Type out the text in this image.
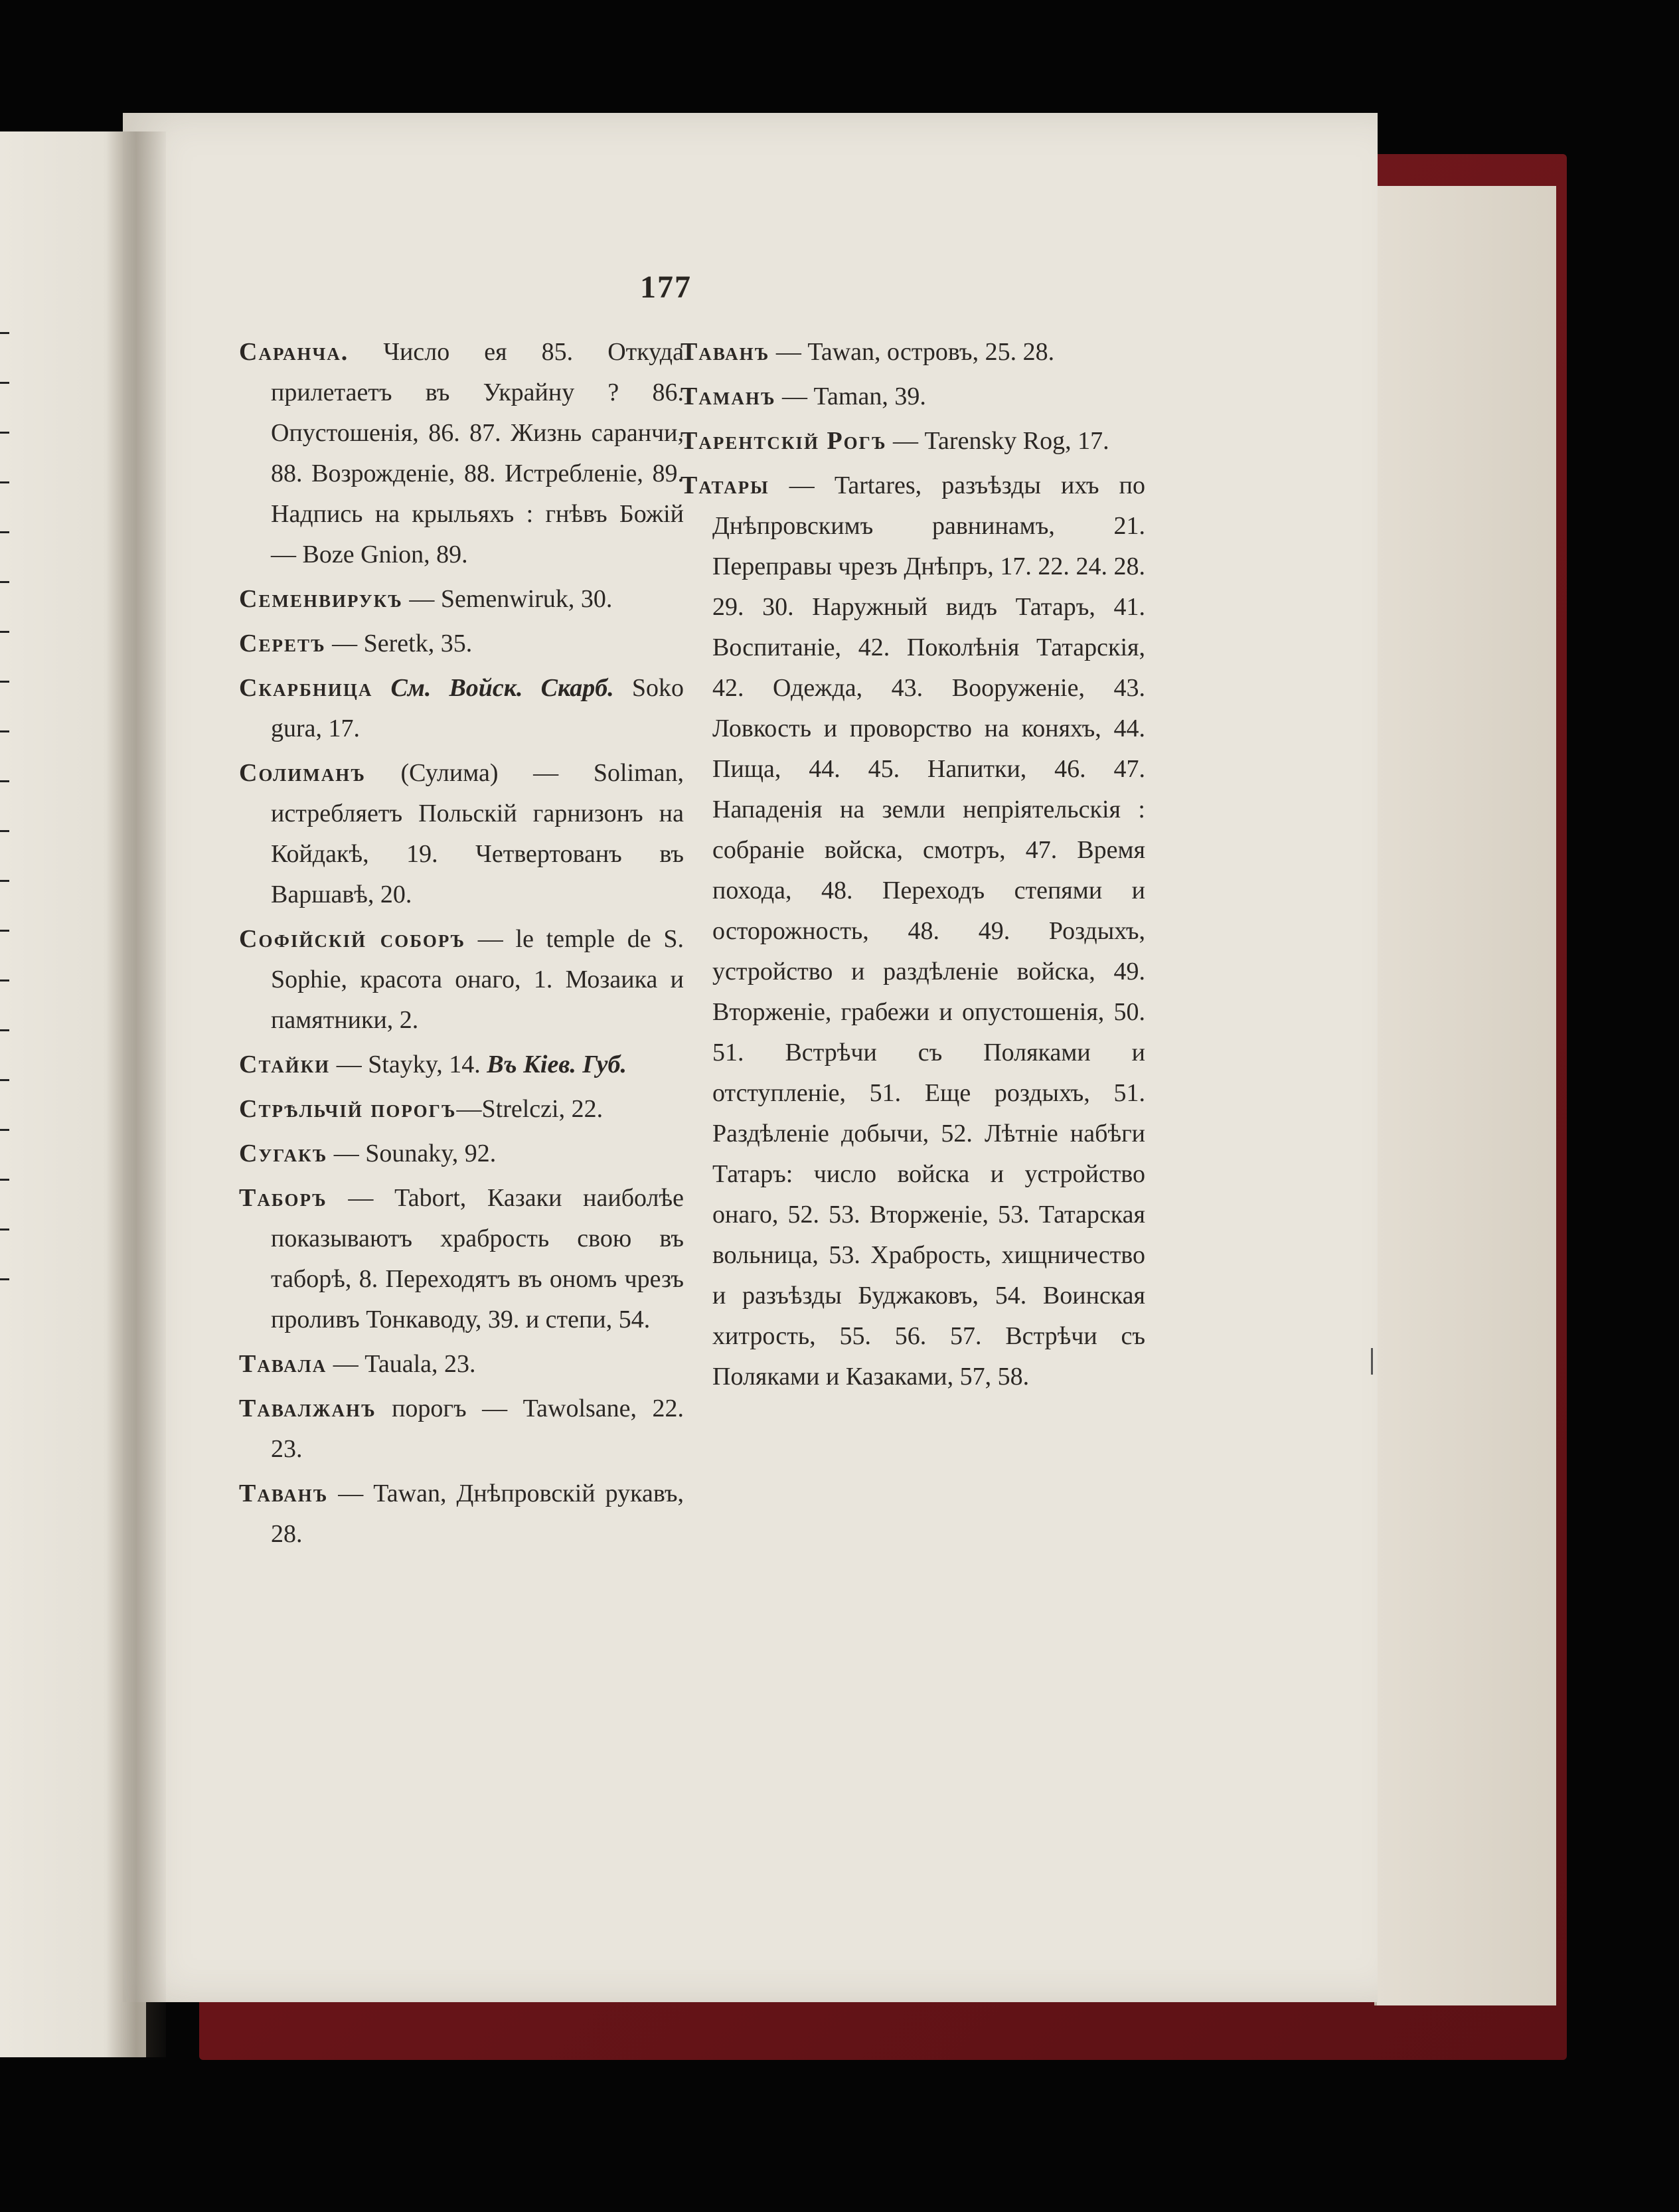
177

Саранча. Число ея 85. Откуда прилетаетъ въ Украйну ? 86. Опустошенія, 86. 87. Жизнь саранчи, 88. Возрожденіе, 88. Истребленіе, 89. Надпись на крыльяхъ : гнѣвъ Божій — Boze Gnion, 89.

Семенвирукъ — Semenwiruk, 30.

Серетъ — Seretk, 35.

Скарбница См. Войск. Скарб. Soko gura, 17.

Солиманъ (Сулима) — Soliman, истребляетъ Польскій гарнизонъ на Койдакѣ, 19. Четвертованъ въ Варшавѣ, 20.

Софійскій соборъ — le temple de S. Sophie, красота онаго, 1. Мозаика и памятники, 2.

Стайки — Stayky, 14. Въ Кіев. Губ.

Стрѣльчій порогъ—Strelczi, 22.

Сугакъ — Sounaky, 92.

Таборъ — Tabort, Казаки наиболѣе показываютъ храбрость свою въ таборѣ, 8. Переходятъ въ ономъ чрезъ проливъ Тонкаводу, 39. и степи, 54.

Тавала — Tauala, 23.

Тавалжанъ порогъ — Tawolsane, 22. 23.

Таванъ — Tawan, Днѣпровскій рукавъ, 28.

Таванъ — Tawan, островъ, 25. 28.

Таманъ — Taman, 39.

Тарентскій Рогъ — Tarensky Rog, 17.

Татары — Tartares, разъѣзды ихъ по Днѣпровскимъ равнинамъ, 21. Переправы чрезъ Днѣпръ, 17. 22. 24. 28. 29. 30. Наружный видъ Татаръ, 41. Воспитаніе, 42. Поколѣнія Татарскія, 42. Одежда, 43. Вооруженіе, 43. Ловкость и проворство на коняхъ, 44. Пища, 44. 45. Напитки, 46. 47. Нападенія на земли непріятельскія : собраніе войска, смотръ, 47. Время похода, 48. Переходъ степями и осторожность, 48. 49. Роздыхъ, устройство и раздѣленіе войска, 49. Вторженіе, грабежи и опустошенія, 50. 51. Встрѣчи съ Поляками и отступленіе, 51. Еще роздыхъ, 51. Раздѣленіе добычи, 52. Лѣтніе набѣги Татаръ: число войска и устройство онаго, 52. 53. Вторженіе, 53. Татарская вольница, 53. Храбрость, хищничество и разъѣзды Буджаковъ, 54. Воинская хитрость, 55. 56. 57. Встрѣчи съ Поляками и Казаками, 57, 58.
